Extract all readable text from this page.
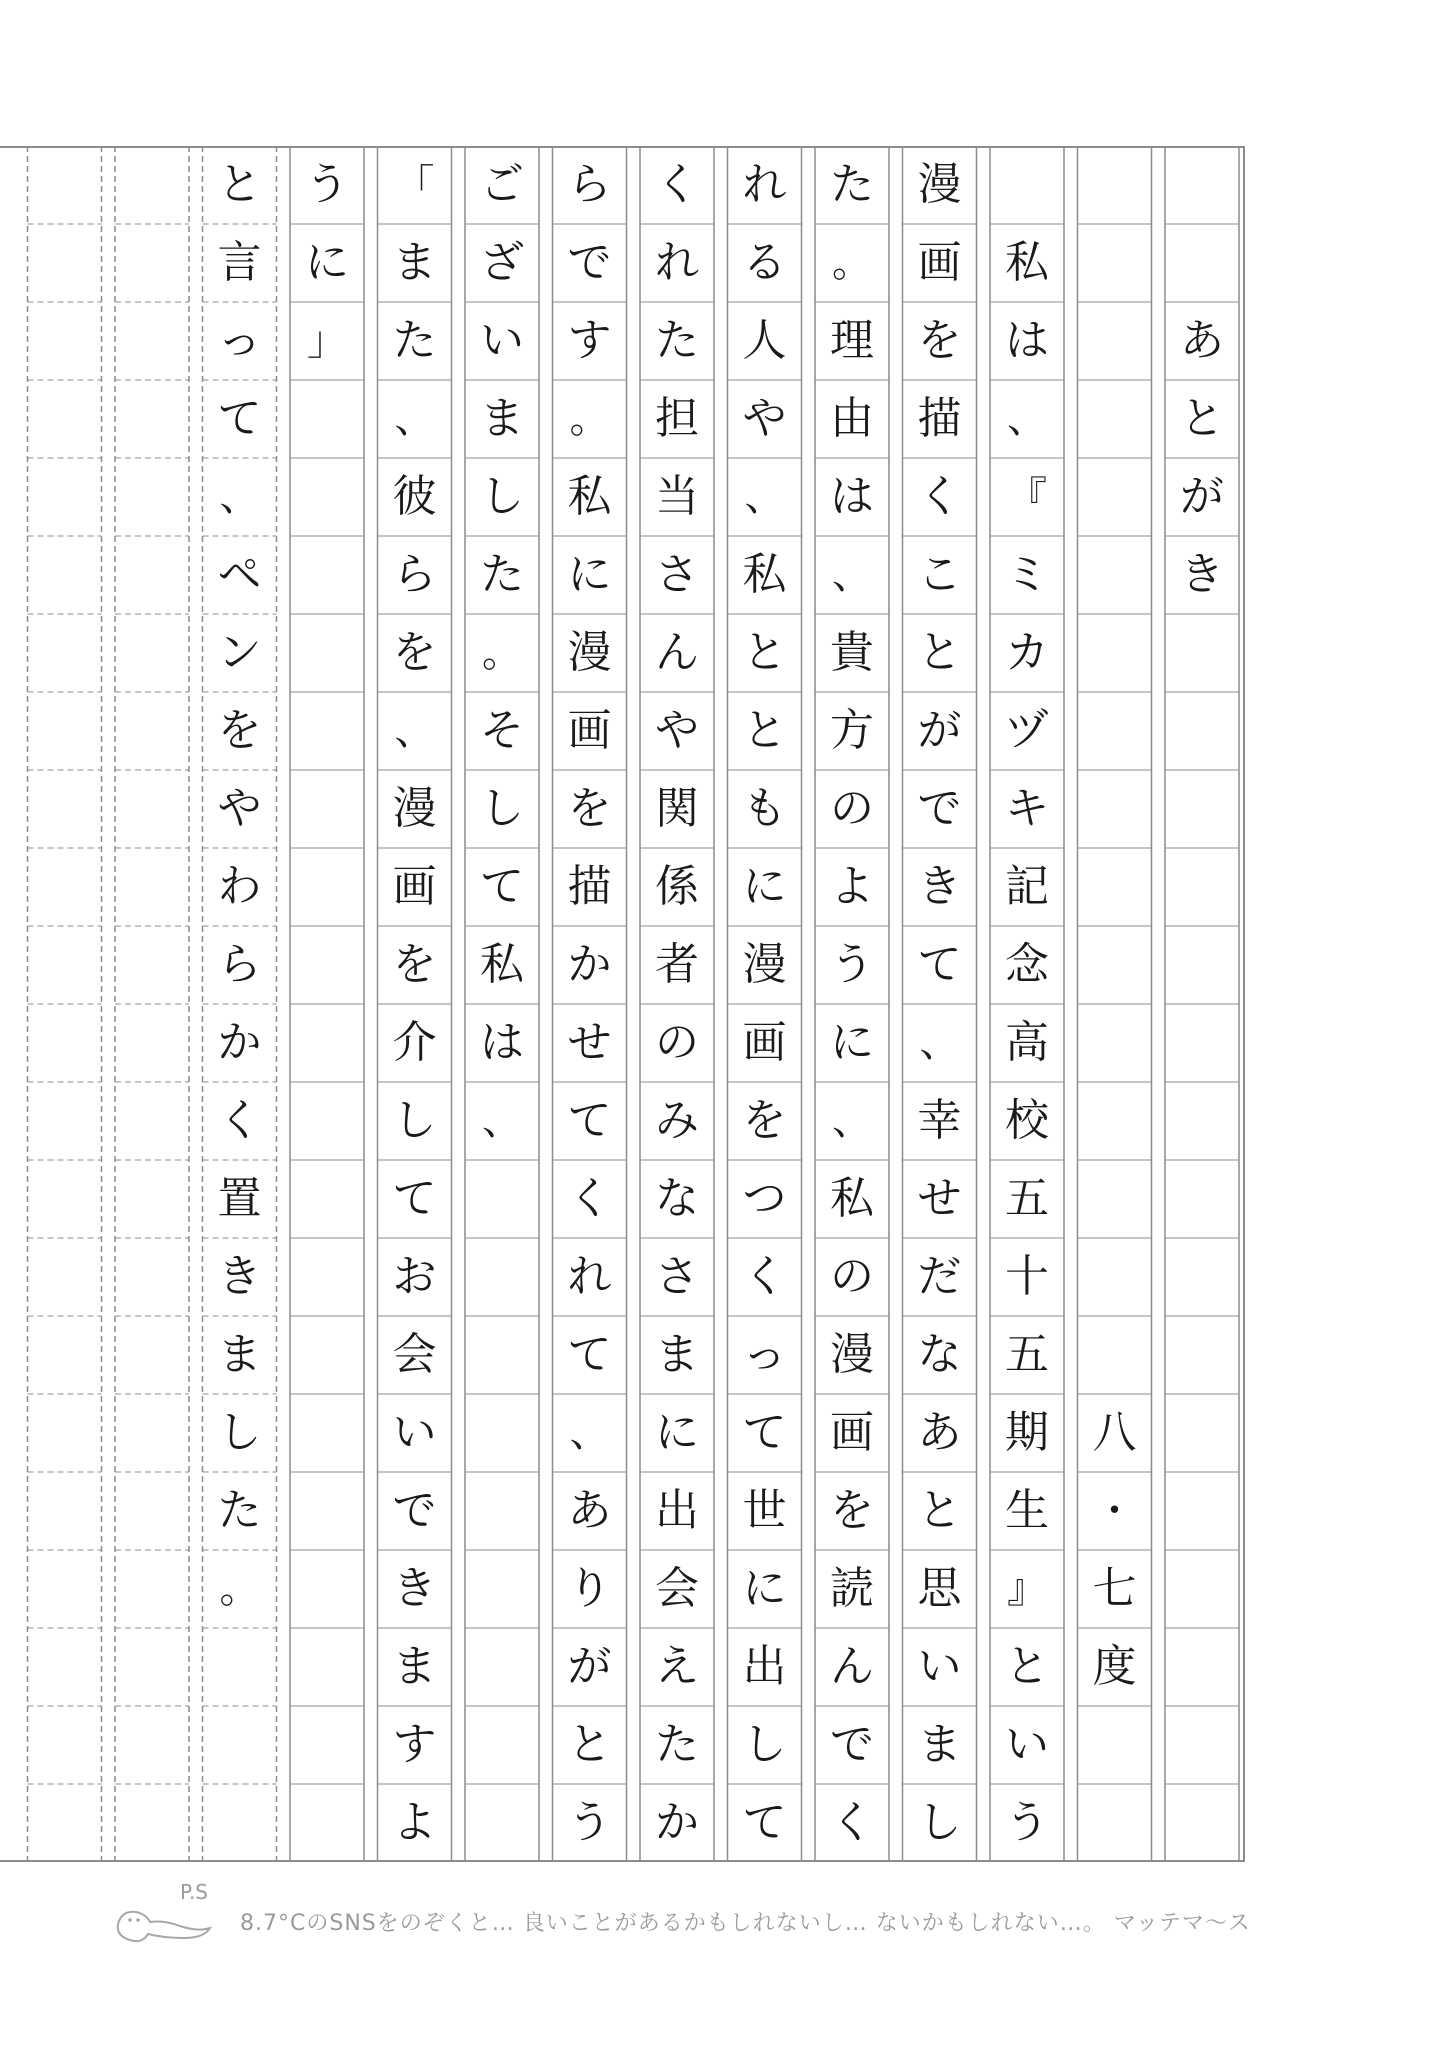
あ
と
が
き
八
・
七
度
私
は
、
『
ミ
カ
ヅ
キ
記
念
高
校
五
十
五
期
生
』
と
い
う
漫
画
を
描
く
こ
と
が
で
き
て
、
幸
せ
だ
な
あ
と
思
い
ま
し
た
。
理
由
は
、
貴
方
の
よ
う
に
、
私
の
漫
画
を
読
ん
で
く
れ
る
人
や
、
私
と
と
も
に
漫
画
を
つ
く
っ
て
世
に
出
し
て
く
れ
た
担
当
さ
ん
や
関
係
者
の
み
な
さ
ま
に
出
会
え
た
か
ら
で
す
。
私
に
漫
画
を
描
か
せ
て
く
れ
て
、
あ
り
が
と
う
ご
ざ
い
ま
し
た
。
そ
し
て
私
は
、
「
ま
た
、
彼
ら
を
、
漫
画
を
介
し
て
お
会
い
で
き
ま
す
よ
う
に
」
と
言
っ
て
、
ペ
ン
を
や
わ
ら
か
く
置
き
ま
し
た
。
P.S
8.7°CのSNSをのぞくと… 良いことがあるかもしれないし… ないかもしれない…。 マッテマ〜ス
